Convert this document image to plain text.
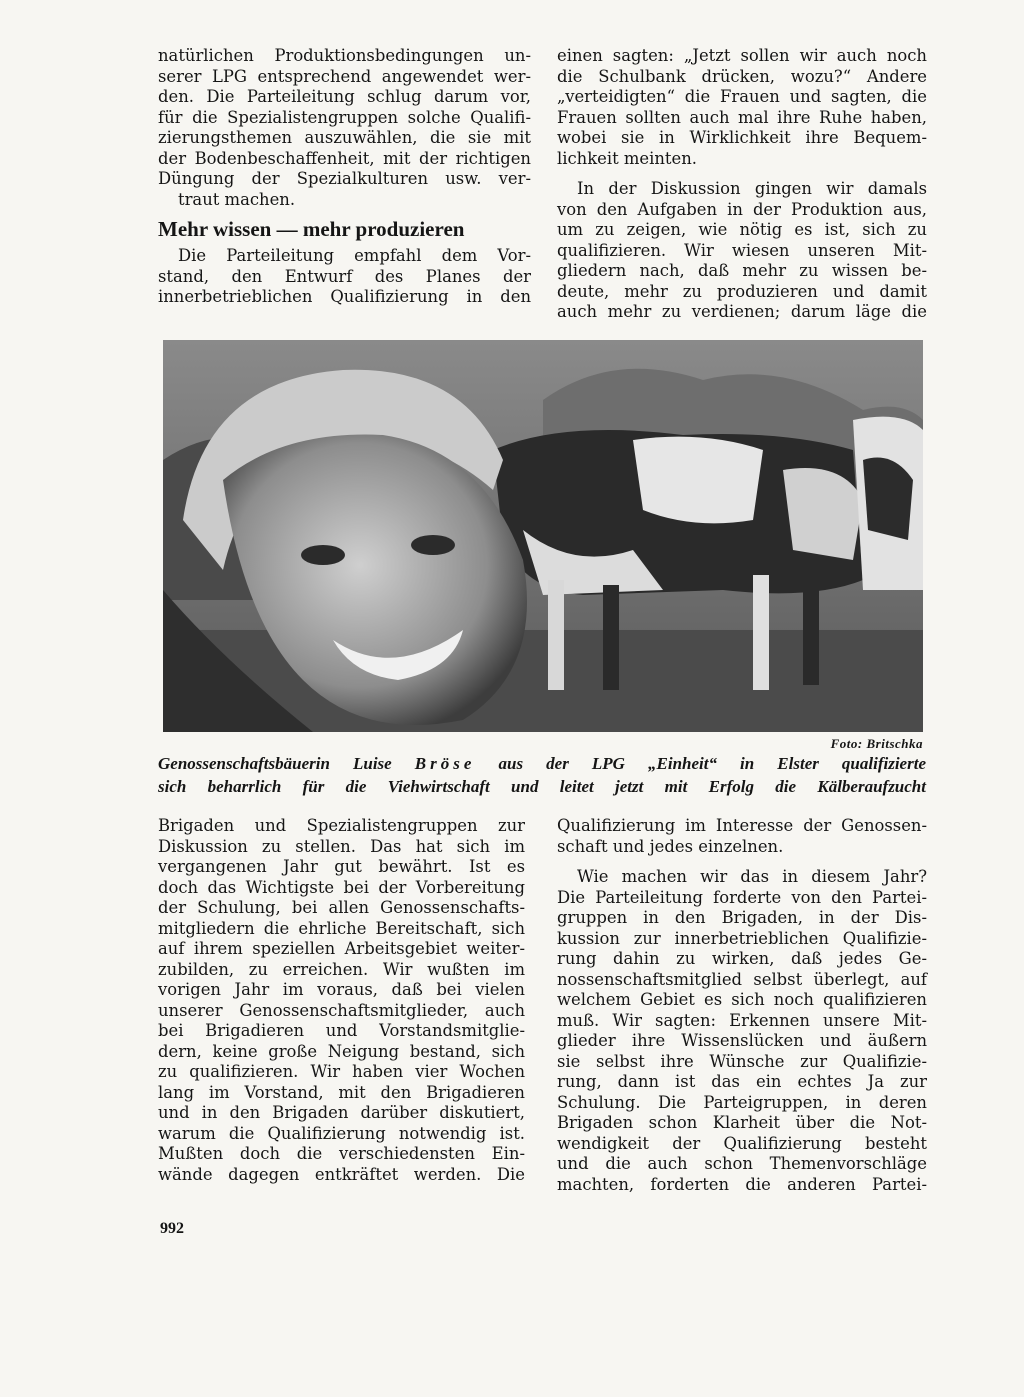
natürlichen Produktionsbedingungen un-
serer LPG entsprechend angewendet wer-
den. Die Parteileitung schlug darum vor,
für die Spezialistengruppen solche Qualifi-
zierungsthemen auszuwählen, die sie mit
der Bodenbeschaffenheit, mit der richtigen
Düngung der Spezialkulturen usw. ver-
traut machen.
Mehr wissen — mehr produzieren
Die Parteileitung empfahl dem Vor-
stand, den Entwurf des Planes der
innerbetrieblichen Qualifizierung in den
einen sagten: „Jetzt sollen wir auch noch
die Schulbank drücken, wozu?“ Andere
„verteidigten“ die Frauen und sagten, die
Frauen sollten auch mal ihre Ruhe haben,
wobei sie in Wirklichkeit ihre Bequem-
lichkeit meinten.
In der Diskussion gingen wir damals
von den Aufgaben in der Produktion aus,
um zu zeigen, wie nötig es ist, sich zu
qualifizieren. Wir wiesen unseren Mit-
gliedern nach, daß mehr zu wissen be-
deute, mehr zu produzieren und damit
auch mehr zu verdienen; darum läge die
Foto: Britschka
Genossenschaftsbäuerin Luise Bröse aus der LPG „Einheit“ in Elster qualifizierte
sich beharrlich für die Viehwirtschaft und leitet jetzt mit Erfolg die Kälberaufzucht
Brigaden und Spezialistengruppen zur
Diskussion zu stellen. Das hat sich im
vergangenen Jahr gut bewährt. Ist es
doch das Wichtigste bei der Vorbereitung
der Schulung, bei allen Genossenschafts-
mitgliedern die ehrliche Bereitschaft, sich
auf ihrem speziellen Arbeitsgebiet weiter-
zubilden, zu erreichen. Wir wußten im
vorigen Jahr im voraus, daß bei vielen
unserer Genossenschaftsmitglieder, auch
bei Brigadieren und Vorstandsmitglie-
dern, keine große Neigung bestand, sich
zu qualifizieren. Wir haben vier Wochen
lang im Vorstand, mit den Brigadieren
und in den Brigaden darüber diskutiert,
warum die Qualifizierung notwendig ist.
Mußten doch die verschiedensten Ein-
wände dagegen entkräftet werden. Die
Qualifizierung im Interesse der Genossen-
schaft und jedes einzelnen.
Wie machen wir das in diesem Jahr?
Die Parteileitung forderte von den Partei-
gruppen in den Brigaden, in der Dis-
kussion zur innerbetrieblichen Qualifizie-
rung dahin zu wirken, daß jedes Ge-
nossenschaftsmitglied selbst überlegt, auf
welchem Gebiet es sich noch qualifizieren
muß. Wir sagten: Erkennen unsere Mit-
glieder ihre Wissenslücken und äußern
sie selbst ihre Wünsche zur Qualifizie-
rung, dann ist das ein echtes Ja zur
Schulung. Die Parteigruppen, in deren
Brigaden schon Klarheit über die Not-
wendigkeit der Qualifizierung besteht
und die auch schon Themenvorschläge
machten, forderten die anderen Partei-
992
